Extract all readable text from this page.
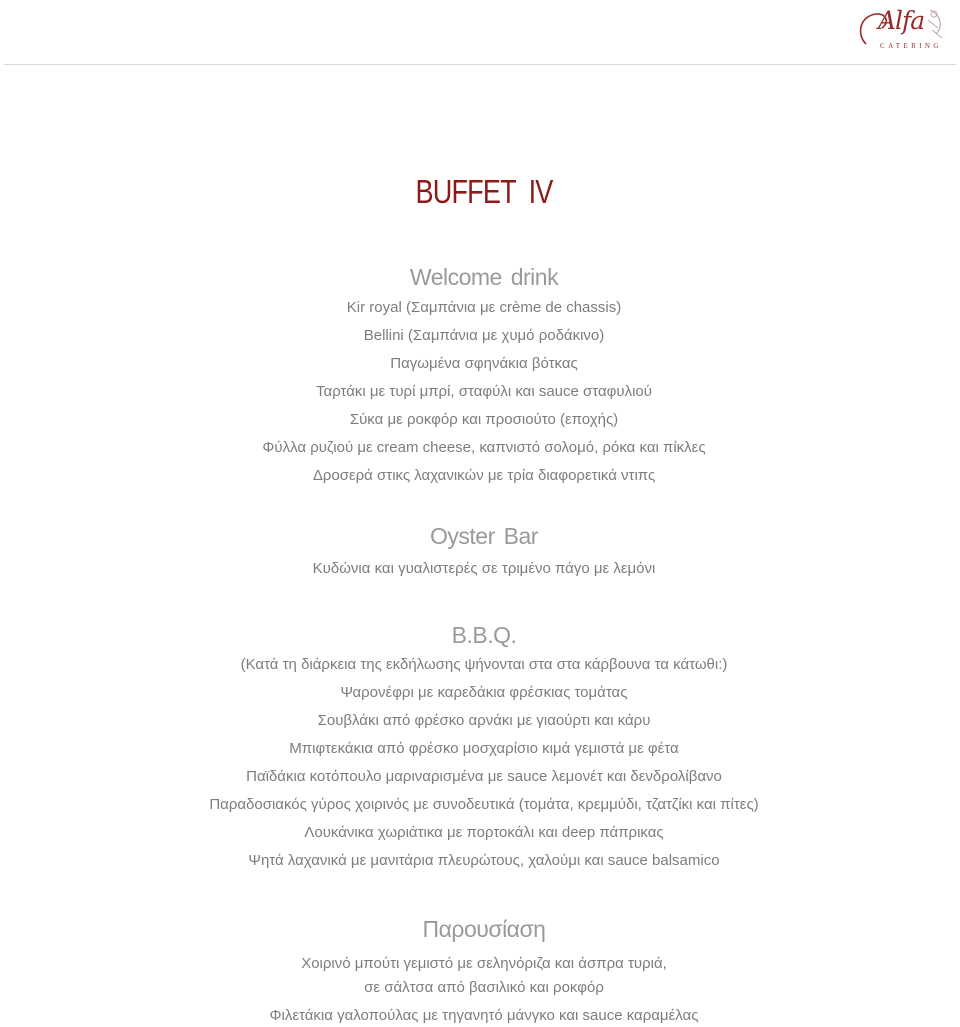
Alfa
CATERING
BUFFET IV
Welcome drink
Kir royal (Σαμπάνια με crème de chassis)
Bellini (Σαμπάνια με χυμό ροδάκινο)
Παγωμένα σφηνάκια βότκας
Ταρτάκι με τυρί μπρί, σταφύλι και sauce σταφυλιού
Σύκα με ροκφόρ και προσιούτο (εποχής)
Φύλλα ρυζιού με cream cheese, καπνιστό σολομό, ρόκα και πίκλες
Δροσερά στικς λαχανικών με τρία διαφορετικά ντιπς
Oyster Bar
Κυδώνια και γυαλιστερές σε τριμένο πάγο με λεμόνι
B.B.Q.
(Κατά τη διάρκεια της εκδήλωσης ψήνονται στα στα κάρβουνα τα κάτωθι:)
Ψαρονέφρι με καρεδάκια φρέσκιας τομάτας
Σουβλάκι από φρέσκο αρνάκι με γιαούρτι και κάρυ
Μπιφτεκάκια από φρέσκο μοσχαρίσιο κιμά γεμιστά με φέτα
Παϊδάκια κοτόπουλο μαριναρισμένα με sauce λεμονέτ και δενδρολίβανο
Παραδοσιακός γύρος χοιρινός με συνοδευτικά (τομάτα, κρεμμύδι, τζατζίκι και πίτες)
Λουκάνικα χωριάτικα με πορτοκάλι και deep πάπρικας
Ψητά λαχανικά με μανιτάρια πλευρώτους, χαλούμι και sauce balsamico
Παρουσίαση
Χοιρινό μπούτι γεμιστό με σεληνόριζα και άσπρα τυριά,
σε σάλτσα από βασιλικό και ροκφόρ
Φιλετάκια γαλοπούλας με τηγανητό μάνγκο και sauce καραμέλας
